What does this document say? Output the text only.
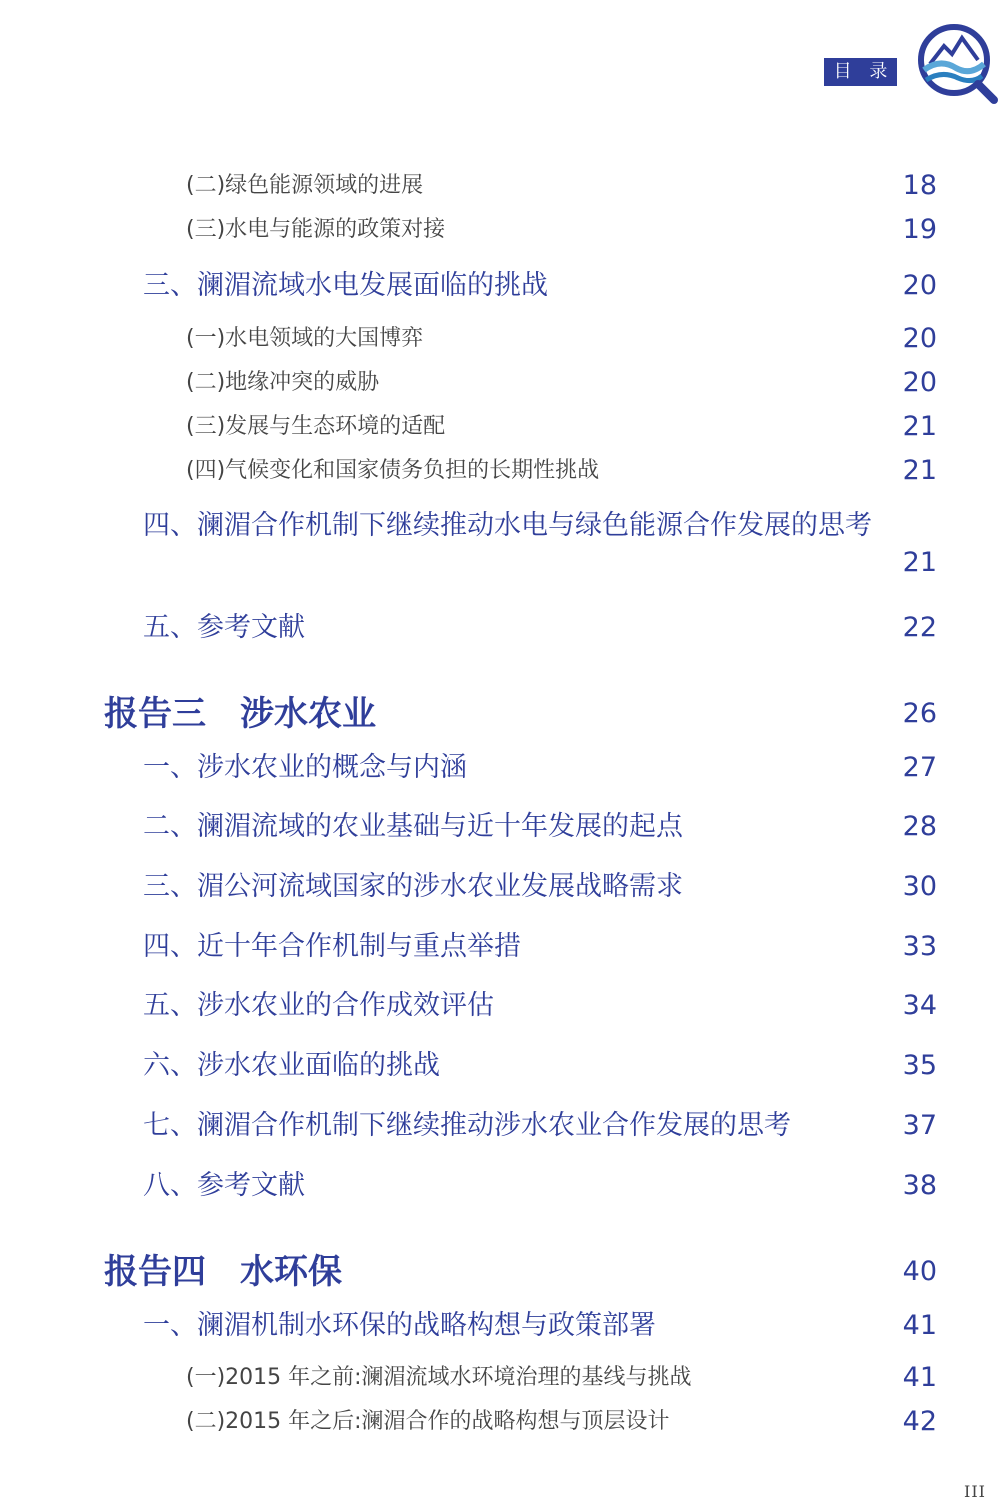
目 录
(二)绿色能源领域的进展	18
(三)水电与能源的政策对接	19
三、澜湄流域水电发展面临的挑战	20
(一)水电领域的大国博弈	20
(二)地缘冲突的威胁	20
(三)发展与生态环境的适配	21
(四)气候变化和国家债务负担的长期性挑战	21
四、澜湄合作机制下继续推动水电与绿色能源合作发展的思考
21
五、参考文献	22
报告三　涉水农业	26
一、涉水农业的概念与内涵	27
二、澜湄流域的农业基础与近十年发展的起点	28
三、湄公河流域国家的涉水农业发展战略需求	30
四、近十年合作机制与重点举措	33
五、涉水农业的合作成效评估	34
六、涉水农业面临的挑战	35
七、澜湄合作机制下继续推动涉水农业合作发展的思考	37
八、参考文献	38
报告四　水环保	40
一、澜湄机制水环保的战略构想与政策部署	41
(一)2015 年之前:澜湄流域水环境治理的基线与挑战	41
(二)2015 年之后:澜湄合作的战略构想与顶层设计	42
III
